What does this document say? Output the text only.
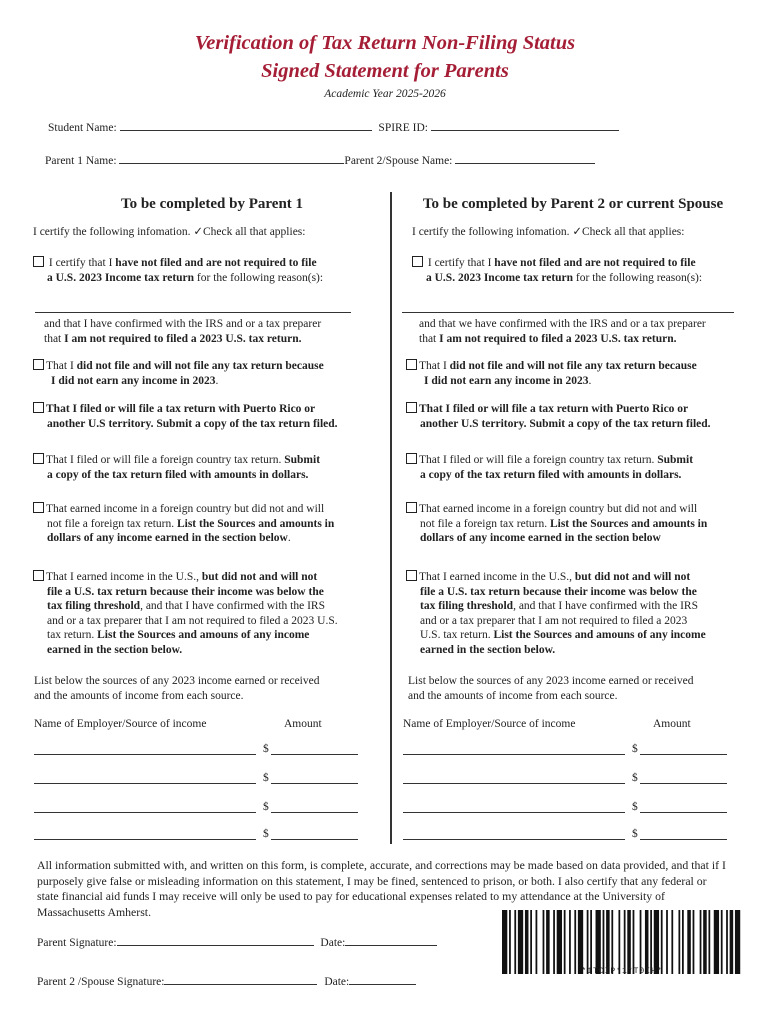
Verification of Tax Return Non-Filing Status
Signed Statement for Parents
Academic Year 2025-2026
Student Name:	SPIRE ID:
Parent 1 Name:	Parent 2/Spouse Name:
To be completed by Parent 1
I certify the following infomation. ✓Check all that applies:
I certify that I have not filed and are not required to file
a U.S. 2023 Income tax return for the following reason(s):
and that I have confirmed with the IRS and or a tax preparer
that I am not required to filed a 2023 U.S. tax return.
That I did not file and will not file any tax return because
I did not earn any income in 2023.
That I filed or will file a tax return with Puerto Rico or
another U.S territory. Submit a copy of the tax return filed.
That I filed or will file a foreign country tax return. Submit
a copy of the tax return filed with amounts in dollars.
That earned income in a foreign country but did not and will
not file a foreign tax return. List the Sources and amounts in
dollars of any income earned in the section below.
That I earned income in the U.S., but did not and will not
file a U.S. tax return because their income was below the
tax filing threshold, and that I have confirmed with the IRS
and or a tax preparer that I am not required to filed a 2023 U.S.
tax return. List the Sources and amouns of any income
earned in the section below.
List below the sources of any 2023 income earned or received
and the amounts of income from each source.
Name of Employer/Source of income	Amount
$
$
$
$
To be completed by Parent 2 or current Spouse
I certify the following infomation. ✓Check all that applies:
I certify that I have not filed and are not required to file
a U.S. 2023 Income tax return for the following reason(s):
and that we have confirmed with the IRS and or a tax preparer
that I am not required to filed a 2023 U.S. tax return.
That I did not file and will not file any tax return because
I did not earn any income in 2023.
That I filed or will file a tax return with Puerto Rico or
another U.S territory. Submit a copy of the tax return filed.
That I filed or will file a foreign country tax return. Submit
a copy of the tax return filed with amounts in dollars.
That earned income in a foreign country but did not and will
not file a foreign tax return. List the Sources and amounts in
dollars of any income earned in the section below
That I earned income in the U.S., but did not and will not
file a U.S. tax return because their income was below the
tax filing threshold, and that I have confirmed with the IRS
and or a tax preparer that I am not required to filed a 2023
U.S. tax return. List the Sources and amouns of any income
earned in the section below.
List below the sources of any 2023 income earned or received
and the amounts of income from each source.
Name of Employer/Source of income	Amount
$
$
$
$
All information submitted with, and written on this form, is complete, accurate, and corrections may be made based on data provided, and that if I purposely give false or misleading information on this statement, I may be fined, sentenced to prison, or both. I also certify that any federal or state financial aid funds I may receive will only be used to pay for educational expenses related to my attendance at the University of Massachusetts Amherst.
Parent Signature:	Date:
Parent 2 /Spouse Signature:	Date:
*1TCIP*1*T0IH*
